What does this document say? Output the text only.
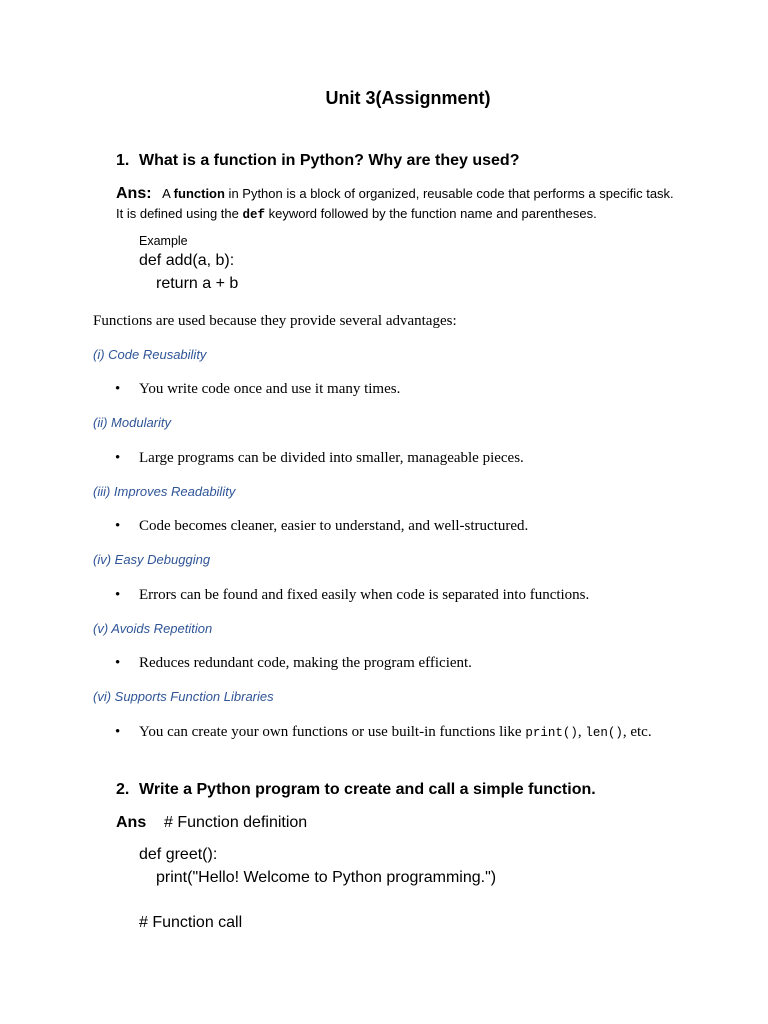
Unit 3(Assignment)
1. What is a function in Python? Why are they used?
Ans: A function in Python is a block of organized, reusable code that performs a specific task.
It is defined using the def keyword followed by the function name and parentheses.
Example
def add(a, b):
return a + b
Functions are used because they provide several advantages:
(i) Code Reusability
• You write code once and use it many times.
(ii) Modularity
• Large programs can be divided into smaller, manageable pieces.
(iii) Improves Readability
• Code becomes cleaner, easier to understand, and well-structured.
(iv) Easy Debugging
• Errors can be found and fixed easily when code is separated into functions.
(v) Avoids Repetition
• Reduces redundant code, making the program efficient.
(vi) Supports Function Libraries
• You can create your own functions or use built-in functions like print(), len(), etc.
2. Write a Python program to create and call a simple function.
Ans # Function definition
def greet():
print("Hello! Welcome to Python programming.")
# Function call
